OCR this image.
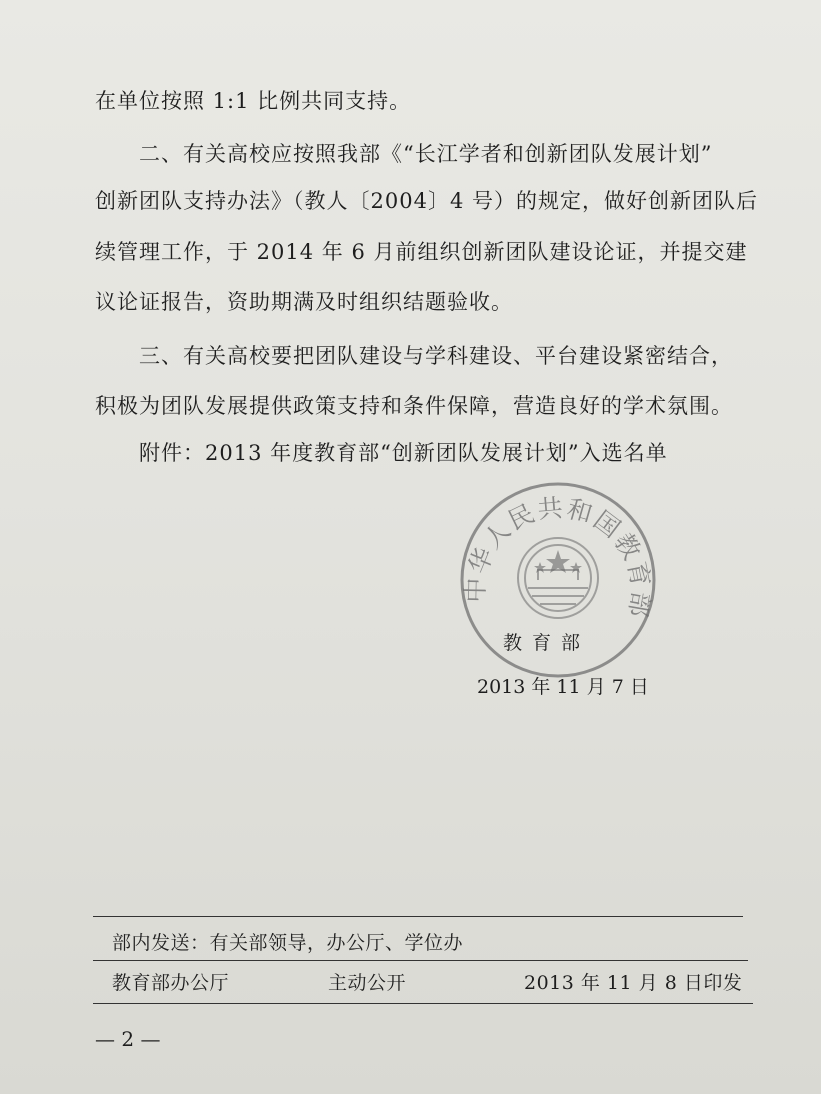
在单位按照 1:1 比例共同支持。
二、有关高校应按照我部《“长江学者和创新团队发展计划”
创新团队支持办法》（教人〔2004〕4 号）的规定，做好创新团队后
续管理工作，于 2014 年 6 月前组织创新团队建设论证，并提交建
议论证报告，资助期满及时组织结题验收。
三、有关高校要把团队建设与学科建设、平台建设紧密结合，
积极为团队发展提供政策支持和条件保障，营造良好的学术氛围。
附件：2013 年度教育部“创新团队发展计划”入选名单
中华人民共和国教育部
教育部
2013 年 11 月 7 日
部内发送：有关部领导，办公厅、学位办
教育部办公厅	主动公开	2013 年 11 月 8 日印发
— 2 —
